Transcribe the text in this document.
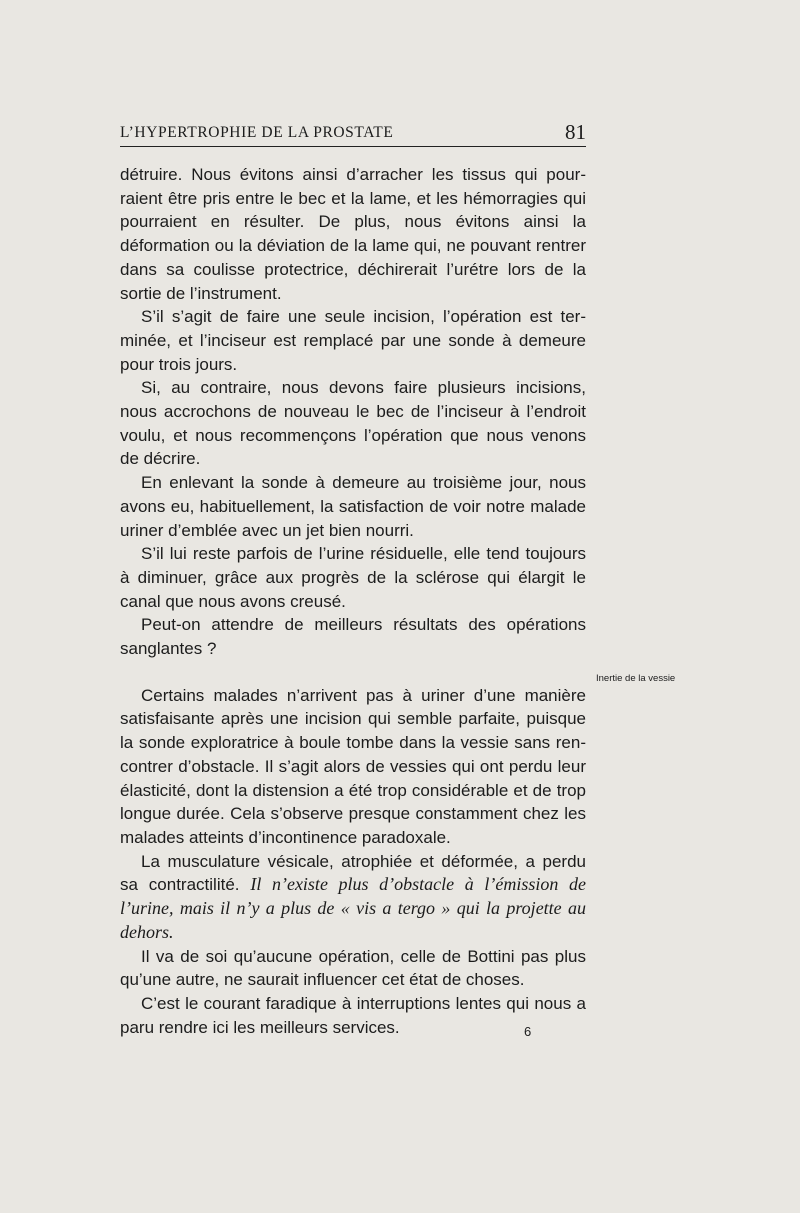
L’HYPERTROPHIE DE LA PROSTATE	81

détruire. Nous évitons ainsi d’arracher les tissus qui pourraient être pris entre le bec et la lame, et les hémorragies qui pourraient en résulter. De plus, nous évitons ainsi la déformation ou la déviation de la lame qui, ne pouvant rentrer dans sa coulisse protectrice, déchirerait l’urétre lors de la sortie de l’instrument.

S’il s’agit de faire une seule incision, l’opération est terminée, et l’inciseur est remplacé par une sonde à demeure pour trois jours.

Si, au contraire, nous devons faire plusieurs incisions, nous accrochons de nouveau le bec de l’inciseur à l’endroit voulu, et nous recommençons l’opération que nous venons de décrire.

En enlevant la sonde à demeure au troisième jour, nous avons eu, habituellement, la satisfaction de voir notre malade uriner d’emblée avec un jet bien nourri.

S’il lui reste parfois de l’urine résiduelle, elle tend toujours à diminuer, grâce aux progrès de la sclérose qui élargit le canal que nous avons creusé.

Peut-on attendre de meilleurs résultats des opérations sanglantes ?

Certains malades n’arrivent pas à uriner d’une manière satisfaisante après une incision qui semble parfaite, puisque la sonde exploratrice à boule tombe dans la vessie sans rencontrer d’obstacle. Il s’agit alors de vessies qui ont perdu leur élasticité, dont la distension a été trop considérable et de trop longue durée. Cela s’observe presque constamment chez les malades atteints d’incontinence paradoxale.

La musculature vésicale, atrophiée et déformée, a perdu sa contractilité. Il n’existe plus d’obstacle à l’émission de l’urine, mais il n’y a plus de « vis a tergo » qui la projette au dehors.

Il va de soi qu’aucune opération, celle de Bottini pas plus qu’une autre, ne saurait influencer cet état de choses.

C’est le courant faradique à interruptions lentes qui nous a paru rendre ici les meilleurs services.

Inertie de la vessie
6
